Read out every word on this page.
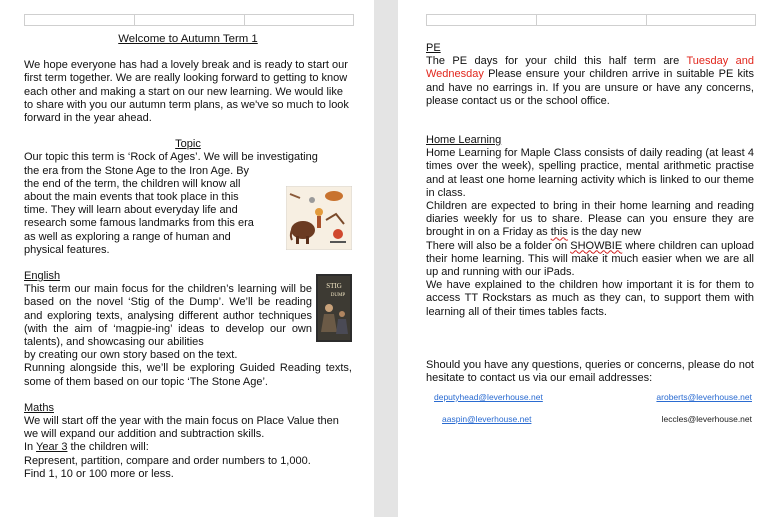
Welcome to Autumn Term 1

We hope everyone has had a lovely break and is ready to start our first term together. We are really looking forward to getting to know each other and making a start on our new learning. We would like to share with you our autumn term plans, as we've so much to look forward in the year ahead.

Topic

Our topic this term is ‘Rock of Ages’. We will be investigating

the era from the Stone Age to the Iron Age. By

the end of the term, the children will know all

about the main events that took place in this

time. They will learn about everyday life and

research some famous landmarks from this era

as well as exploring a range of human and

physical features.

English

This term our main focus for the children’s learning will be based on the novel ‘Stig of the Dump’. We’ll be reading and exploring texts, analysing different author techniques (with the aim of ‘magpie-ing’ ideas to develop our own talents), and showcasing our abilities

by creating our own story based on the text.

Running alongside this, we’ll be exploring Guided Reading texts, some of them based on our topic ‘The Stone Age’.

STIG
DUMP

Maths

We will start off the year with the main focus on Place Value then we will expand our addition and subtraction skills.

In Year 3 the children will:

Represent, partition, compare and order numbers to 1,000.

Find 1, 10 or 100 more or less.

PE

The PE days for your child this half term are Tuesday and Wednesday Please ensure your children arrive in suitable PE kits and have no earrings in. If you are unsure or have any concerns, please contact us or the school office.

Home Learning

Home Learning for Maple Class consists of daily reading (at least 4 times over the week), spelling practice, mental arithmetic practise and at least one home learning activity which is linked to our theme in class.

Children are expected to bring in their home learning and reading diaries weekly for us to share. Please can you ensure they are brought in on a Friday as this is the day new

There will also be a folder on SHOWBIE where children can upload their home learning. This will make it much easier when we are all up and running with our iPads.

We have explained to the children how important it is for them to access TT Rockstars as much as they can, to support them with learning all of their times tables facts.

Should you have any questions, queries or concerns, please do not hesitate to contact us via our email addresses:

deputyhead@leverhouse.net	aroberts@leverhouse.net
aaspin@leverhouse.net	leccles@leverhouse.net
